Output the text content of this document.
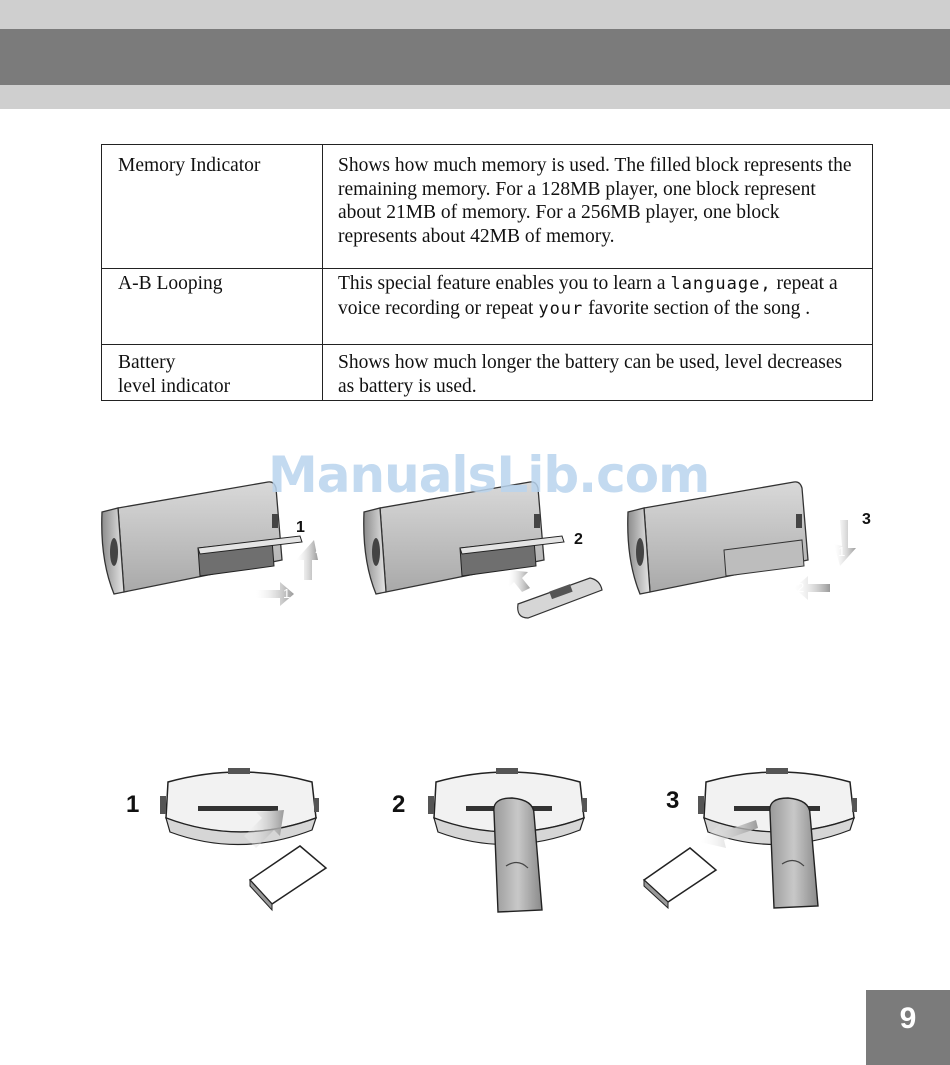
Memory Indicator	Shows how much memory is used. The filled block represents the remaining memory. For a 128MB player, one block represent about 21MB of memory. For a 256MB player, one block represents about 42MB of memory.
A-B Looping	This special feature enables you to learn a language, repeat a voice recording or repeat your favorite section of the song .

Battery
level indicator	Shows how much longer the battery can be used, level decreases as battery is used.
1
2
1
2
1
2
3
1	2	3
ManualsLib.com
9
